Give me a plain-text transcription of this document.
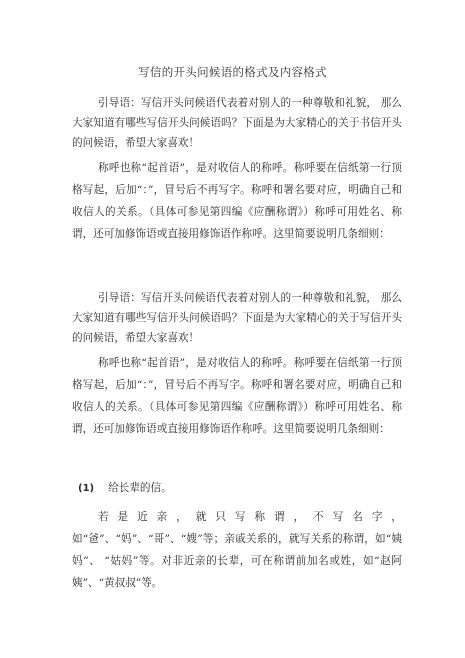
写信的开头问候语的格式及内容格式

引导语：写信开头问候语代表着对别人的一种尊敬和礼貌， 那么大家知道有哪些写信开头问候语吗？下面是为大家精心的关于书信开头的问候语，希望大家喜欢！

称呼也称“起首语”，是对收信人的称呼。称呼要在信纸第一行顶格写起，后加“：”，冒号后不再写字。称呼和署名要对应，明确自己和收信人的关系。（具体可参见第四编《应酬称谓》）称呼可用姓名、称谓，还可加修饰语或直接用修饰语作称呼。这里简要说明几条细则：

引导语：写信开头问候语代表着对别人的一种尊敬和礼貌， 那么大家知道有哪些写信开头问候语吗？下面是为大家精心的关于写信开头的问候语，希望大家喜欢！

称呼也称“起首语”，是对收信人的称呼。称呼要在信纸第一行顶格写起，后加“：”，冒号后不再写字。称呼和署名要对应，明确自己和收信人的关系。（具体可参见第四编《应酬称谓》）称呼可用姓名、称谓，还可加修饰语或直接用修饰语作称呼。这里简要说明几条细则：

(1) 给长辈的信。

若是近亲，就只写称谓，不写名字，如“爸”、“妈”、“哥”、“嫂”等；亲戚关系的，就写关系的称谓，如“姨妈”、 “姑妈”等。对非近亲的长辈，可在称谓前加名或姓，如“赵阿姨”、“黄叔叔”等。
